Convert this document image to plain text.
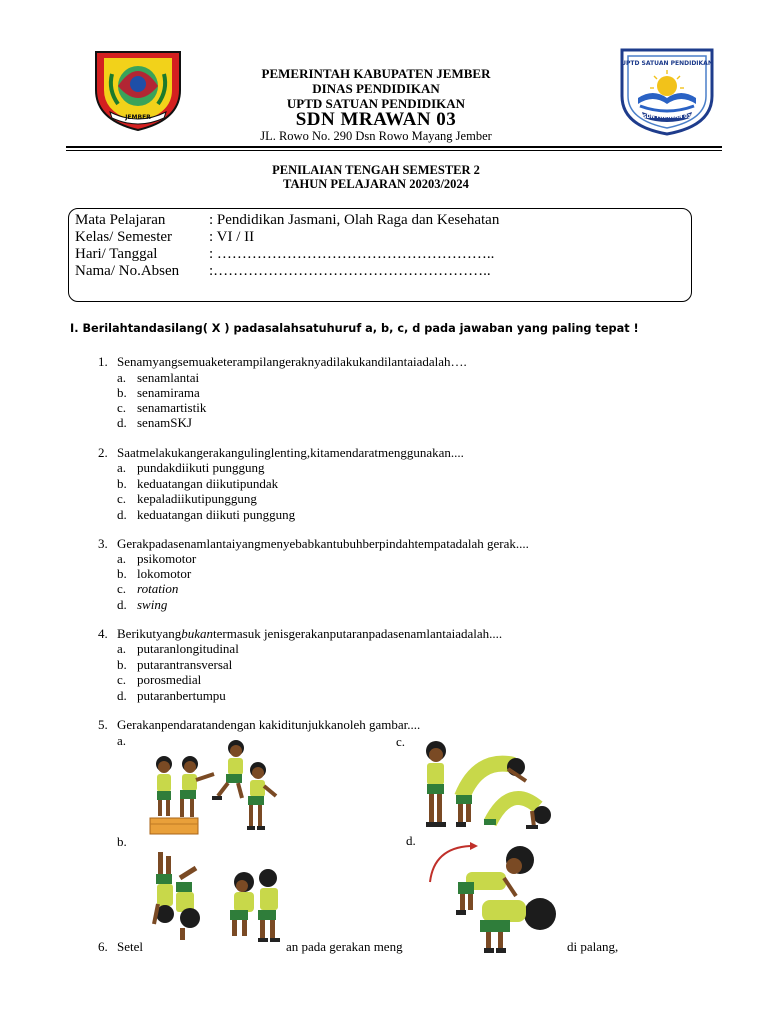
JEMBER
UPTD SATUAN PENDIDIKAN
SDN MRAWAN 03
PEMERINTAH KABUPATEN JEMBER
DINAS PENDIDIKAN
UPTD SATUAN PENDIDIKAN
SDN MRAWAN 03
JL. Rowo No. 290 Dsn Rowo Mayang Jember
PENILAIAN TENGAH SEMESTER 2
TAHUN PELAJARAN 20203/2024
Mata Pelajaran	: Pendidikan Jasmani, Olah Raga dan Kesehatan
Kelas/ Semester : VI / II
Hari/ Tanggal	: ………………………………………………..
Nama/ No.Absen :………………………………………………..
I. Berilahtandasilang( X ) padasalahsatuhuruf a, b, c, d pada jawaban yang paling tepat !
1. Senamyangsemuaketerampilangeraknyadilakukandilantaiadalah….
a. senamlantai
b. senamirama
c. senamartistik
d. senamSKJ
2. Saatmelakukangerakangulinglenting,kitamendaratmenggunakan....
a. pundakdiikuti punggung
b. keduatangan diikutipundak
c. kepaladiikutipunggung
d. keduatangan diikuti punggung
3. Gerakpadasenamlantaiyangmenyebabkantubuhberpindahtempatadalah gerak....
a. psikomotor
b. lokomotor
c. rotation
d. swing
4. Berikutyangbukantermasuk jenisgerakanputaranpadasenamlantaiadalah....
a. putaranlongitudinal
b. putarantransversal
c. porosmedial
d. putaranbertumpu
5. Gerakanpendaratandengan kakiditunjukkanoleh gambar....
a.	c.
b.	d.
6. Setel	an pada gerakan meng	di palang,
